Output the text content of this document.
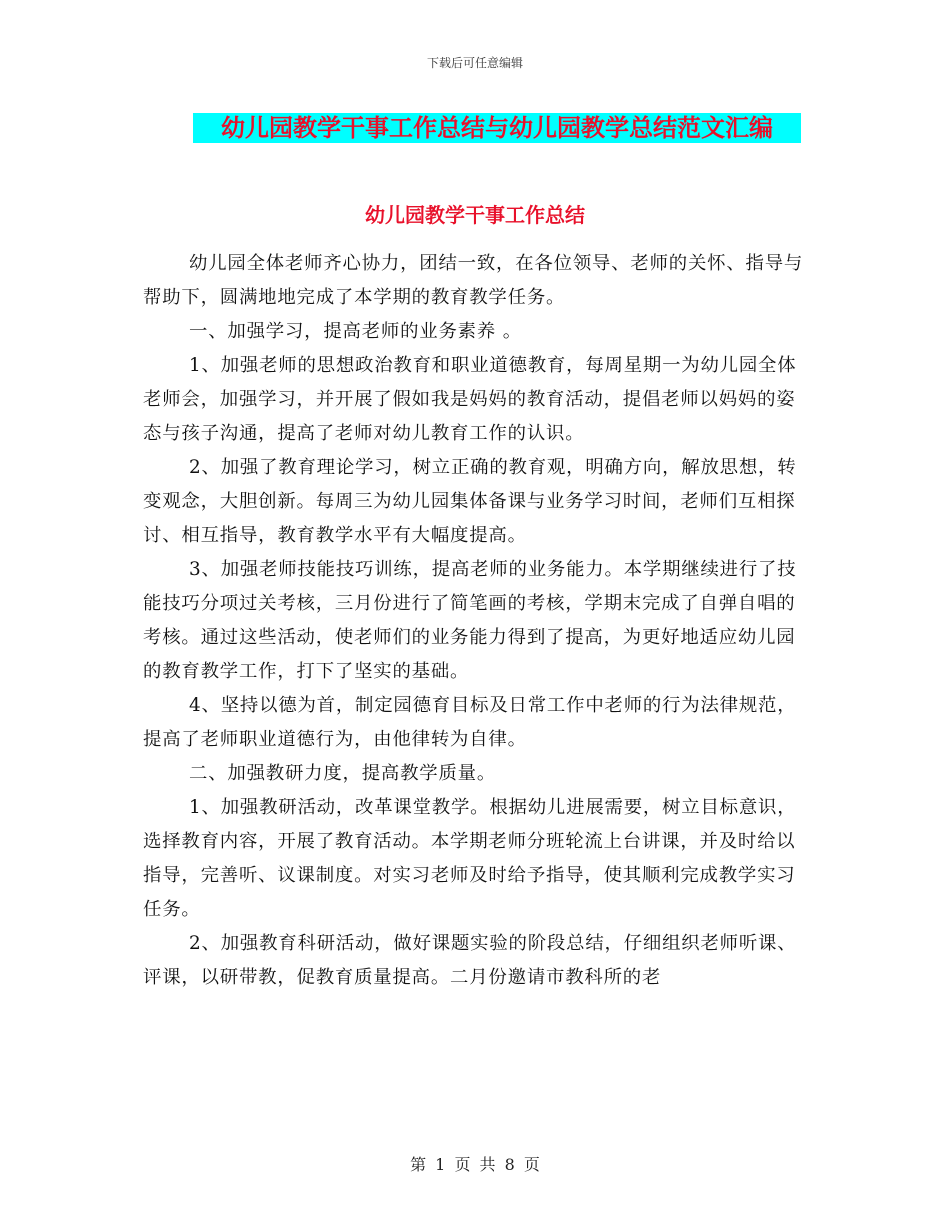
下载后可任意编辑
幼儿园教学干事工作总结与幼儿园教学总结范文汇编
幼儿园教学干事工作总结

幼儿园全体老师齐心协力，团结一致，在各位领导、老师的关怀、指导与帮助下，圆满地地完成了本学期的教育教学任务。

一、加强学习，提高老师的业务素养 。

1、加强老师的思想政治教育和职业道德教育，每周星期一为幼儿园全体老师会，加强学习，并开展了假如我是妈妈的教育活动，提倡老师以妈妈的姿态与孩子沟通，提高了老师对幼儿教育工作的认识。

2、加强了教育理论学习，树立正确的教育观，明确方向，解放思想，转变观念，大胆创新。每周三为幼儿园集体备课与业务学习时间，老师们互相探讨、相互指导，教育教学水平有大幅度提高。

3、加强老师技能技巧训练，提高老师的业务能力。本学期继续进行了技能技巧分项过关考核，三月份进行了简笔画的考核，学期末完成了自弹自唱的考核。通过这些活动，使老师们的业务能力得到了提高，为更好地适应幼儿园的教育教学工作，打下了坚实的基础。

4、坚持以德为首，制定园德育目标及日常工作中老师的行为法律规范，提高了老师职业道德行为，由他律转为自律。

二、加强教研力度，提高教学质量。

1、加强教研活动，改革课堂教学。根据幼儿进展需要，树立目标意识，选择教育内容，开展了教育活动。本学期老师分班轮流上台讲课，并及时给以指导，完善听、议课制度。对实习老师及时给予指导，使其顺利完成教学实习任务。

2、加强教育科研活动，做好课题实验的阶段总结，仔细组织老师听课、评课，以研带教，促教育质量提高。二月份邀请市教科所的老

第 1 页 共 8 页
